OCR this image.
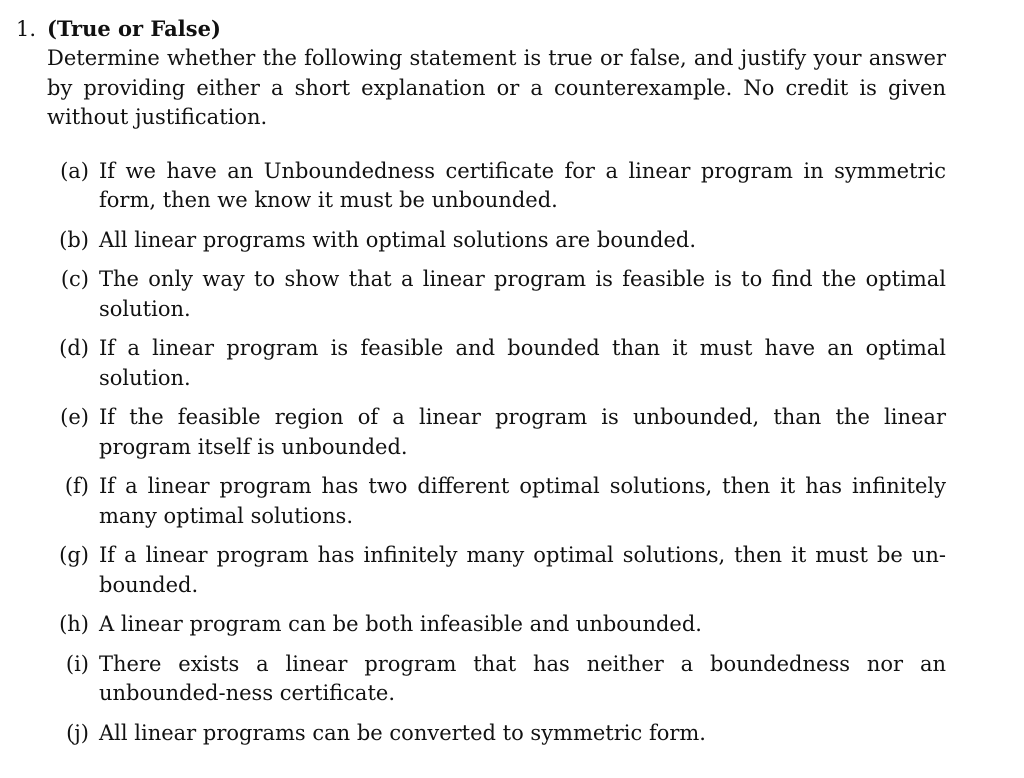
1. (True or False)
Determine whether the following statement is true or false, and justify your answer by providing either a short explanation or a counterexample. No credit is given without justification.
(a) If we have an Unboundedness certificate for a linear program in symmetric form, then we know it must be unbounded.
(b) All linear programs with optimal solutions are bounded.
(c) The only way to show that a linear program is feasible is to find the optimal solution.
(d) If a linear program is feasible and bounded than it must have an optimal solution.
(e) If the feasible region of a linear program is unbounded, than the linear program itself is unbounded.
(f) If a linear program has two different optimal solutions, then it has infinitely many optimal solutions.
(g) If a linear program has infinitely many optimal solutions, then it must be un-bounded.
(h) A linear program can be both infeasible and unbounded.
(i) There exists a linear program that has neither a boundedness nor an unbounded-ness certificate.
(j) All linear programs can be converted to symmetric form.
